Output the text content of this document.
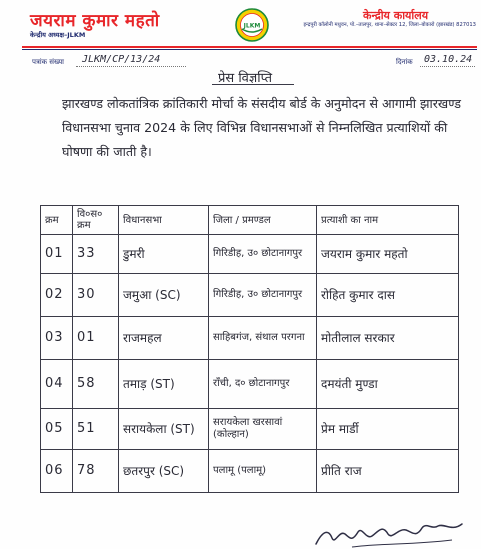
जयराम कुमार महतो
केन्द्रीय अध्यक्ष–JLKM
JLKM
केन्द्रीय कार्यालय
इन्द्रपुरी कॉलोनी मधुवन, पो.–तालपुर, थाना–सेक्टर 12, जिला–बोकारो (झारखंड) 827013
पत्रांक संख्या JLKM/CP/13/24	दिनांक 03.10.24
प्रेस विज्ञप्ति
झारखण्ड लोकतांत्रिक क्रांतिकारी मोर्चा के संसदीय बोर्ड के अनुमोदन से आगामी झारखण्ड विधानसभा चुनाव 2024 के लिए विभिन्न विधानसभाओं से निम्नलिखित प्रत्याशियों की घोषणा की जाती है।
क्रम	वि०स० क्रम	विधानसभा	जिला / प्रमण्डल	प्रत्याशी का नाम
01	33	डुमरी	गिरिडीह, उ० छोटानागपुर	जयराम कुमार महतो
02	30	जमुआ (SC)	गिरिडीह, उ० छोटानागपुर	रोहित कुमार दास
03	01	राजमहल	साहिबगंज, संथाल परगना	मोतीलाल सरकार
04	58	तमाड़ (ST)	राँची, द० छोटानागपुर	दमयंती मुण्डा
05	51	सरायकेला (ST)	सरायकेला खरसावां (कोल्हान)	प्रेम मार्डी
06	78	छतरपुर (SC)	पलामू (पलामू)	प्रीति राज
